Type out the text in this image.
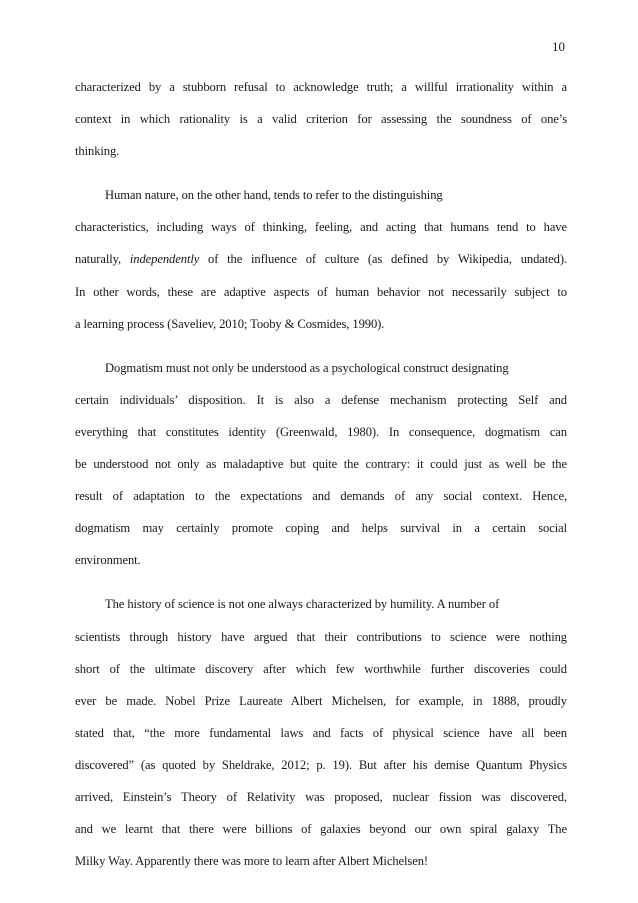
10

characterized by a stubborn refusal to acknowledge truth; a willful irrationality within a
context in which rationality is a valid criterion for assessing the soundness of one’s
thinking.

Human nature, on the other hand, tends to refer to the distinguishing
characteristics, including ways of thinking, feeling, and acting that humans tend to have
naturally, independently of the influence of culture (as defined by Wikipedia, undated).
In other words, these are adaptive aspects of human behavior not necessarily subject to
a learning process (Saveliev, 2010; Tooby & Cosmides, 1990).

Dogmatism must not only be understood as a psychological construct designating
certain individuals’ disposition. It is also a defense mechanism protecting Self and
everything that constitutes identity (Greenwald, 1980). In consequence, dogmatism can
be understood not only as maladaptive but quite the contrary: it could just as well be the
result of adaptation to the expectations and demands of any social context. Hence,
dogmatism may certainly promote coping and helps survival in a certain social
environment.

The history of science is not one always characterized by humility. A number of
scientists through history have argued that their contributions to science were nothing
short of the ultimate discovery after which few worthwhile further discoveries could
ever be made. Nobel Prize Laureate Albert Michelsen, for example, in 1888, proudly
stated that, “the more fundamental laws and facts of physical science have all been
discovered” (as quoted by Sheldrake, 2012; p. 19). But after his demise Quantum Physics
arrived, Einstein’s Theory of Relativity was proposed, nuclear fission was discovered,
and we learnt that there were billions of galaxies beyond our own spiral galaxy The
Milky Way. Apparently there was more to learn after Albert Michelsen!
